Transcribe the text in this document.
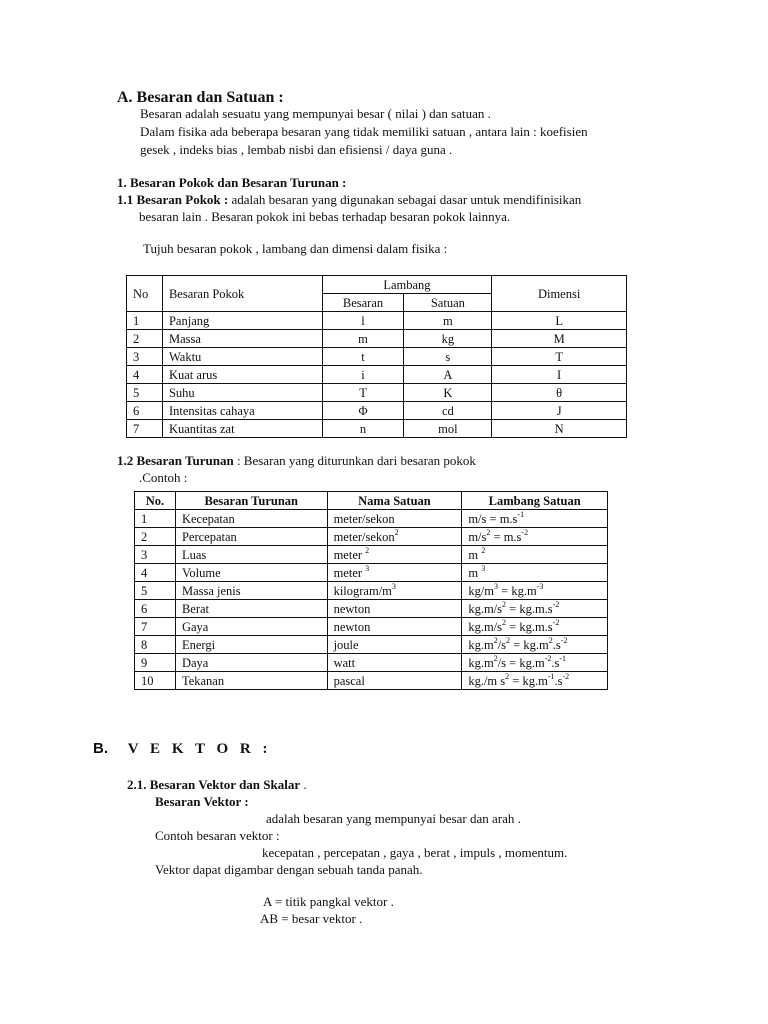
A. Besaran dan Satuan :
Besaran adalah sesuatu yang mempunyai besar ( nilai ) dan satuan .
Dalam fisika ada beberapa besaran yang tidak memiliki satuan , antara lain : koefisien
gesek , indeks bias , lembab nisbi dan efisiensi / daya guna .
1. Besaran Pokok dan Besaran Turunan :
1.1 Besaran Pokok : adalah besaran yang digunakan sebagai dasar untuk mendifinisikan
besaran lain . Besaran pokok ini bebas terhadap besaran pokok lainnya.
Tujuh besaran pokok , lambang dan dimensi dalam fisika :
No	Besaran Pokok	Lambang		Dimensi
		Besaran	Satuan	
1	Panjang	l	m	L
2	Massa	m	kg	M
3	Waktu	t	s	T
4	Kuat arus	i	A	I
5	Suhu	T	K	θ
6	Intensitas cahaya	Φ	cd	J
7	Kuantitas zat	n	mol	N
1.2 Besaran Turunan : Besaran yang diturunkan dari besaran pokok
.Contoh :
No.	Besaran Turunan	Nama Satuan	Lambang Satuan
1	Kecepatan	meter/sekon	$m/s = m.s^{-1}$
2	Percepatan	meter/sekon$^2$	$m/s^2 = m.s^{-2}$
3	Luas	meter $^2$	m $^2$
4	Volume	meter $^3$	m $^3$
5	Massa jenis	kilogram/$m^3$	$kg/m^3 = kg.m^{-3}$
6	Berat	newton	$kg.m/s^2 = kg.m.s^{-2}$
7	Gaya	newton	$kg.m/s^2 = kg.m.s^{-2}$
8	Energi	joule	$kg.m^2/s^2 = kg.m^2.s^{-2}$
9	Daya	watt	$kg.m^2/s = kg.m^{-2}.s^{-1}$
10	Tekanan	pascal	kg./m $s^2 = kg.m^{-1}.s^{-2}$
B. V E K T O R :
2.1. Besaran Vektor dan Skalar .
Besaran Vektor :
adalah besaran yang mempunyai besar dan arah .
Contoh besaran vektor :
kecepatan , percepatan , gaya , berat , impuls , momentum.
Vektor dapat digambar dengan sebuah tanda panah.
A = titik pangkal vektor .
AB = besar vektor .
